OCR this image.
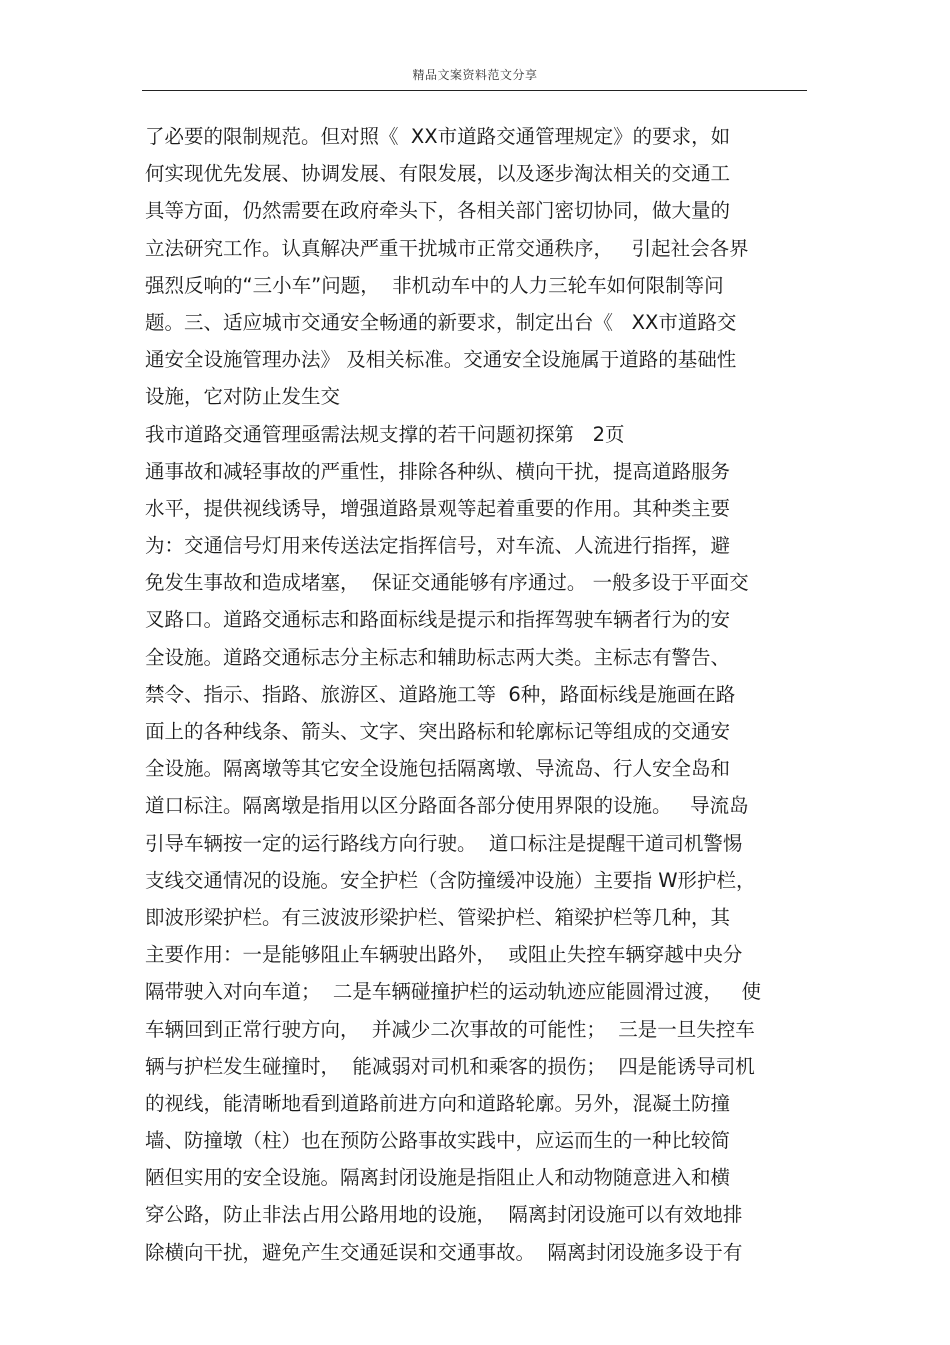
精品文案资料范文分享
了必要的限制规范。但对照《  XX市道路交通管理规定》的要求，如
何实现优先发展、协调发展、有限发展，以及逐步淘汰相关的交通工
具等方面，仍然需要在政府牵头下，各相关部门密切协同，做大量的
立法研究工作。认真解决严重干扰城市正常交通秩序，   引起社会各界
强烈反响的“三小车”问题，  非机动车中的人力三轮车如何限制等问
题。三、适应城市交通安全畅通的新要求，制定出台《   XX市道路交
通安全设施管理办法》 及相关标准。交通安全设施属于道路的基础性
设施，它对防止发生交
我市道路交通管理亟需法规支撑的若干问题初探第   2页
通事故和减轻事故的严重性，排除各种纵、横向干扰，提高道路服务
水平，提供视线诱导，增强道路景观等起着重要的作用。其种类主要
为：交通信号灯用来传送法定指挥信号，对车流、人流进行指挥，避
免发生事故和造成堵塞，  保证交通能够有序通过。 一般多设于平面交
叉路口。道路交通标志和路面标线是提示和指挥驾驶车辆者行为的安
全设施。道路交通标志分主标志和辅助标志两大类。主标志有警告、
禁令、指示、指路、旅游区、道路施工等  6种，路面标线是施画在路
面上的各种线条、箭头、文字、突出路标和轮廓标记等组成的交通安
全设施。隔离墩等其它安全设施包括隔离墩、导流岛、行人安全岛和
道口标注。隔离墩是指用以区分路面各部分使用界限的设施。   导流岛
引导车辆按一定的运行路线方向行驶。  道口标注是提醒干道司机警惕
支线交通情况的设施。安全护栏（含防撞缓冲设施）主要指 W形护栏，
即波形梁护栏。有三波波形梁护栏、管梁护栏、箱梁护栏等几种，其
主要作用：一是能够阻止车辆驶出路外，  或阻止失控车辆穿越中央分
隔带驶入对向车道；  二是车辆碰撞护栏的运动轨迹应能圆滑过渡，   使
车辆回到正常行驶方向，  并减少二次事故的可能性；  三是一旦失控车
辆与护栏发生碰撞时，  能减弱对司机和乘客的损伤；  四是能诱导司机
的视线，能清晰地看到道路前进方向和道路轮廓。另外，混凝土防撞
墙、防撞墩（柱）也在预防公路事故实践中，应运而生的一种比较简
陋但实用的安全设施。隔离封闭设施是指阻止人和动物随意进入和横
穿公路，防止非法占用公路用地的设施，  隔离封闭设施可以有效地排
除横向干扰，避免产生交通延误和交通事故。  隔离封闭设施多设于有
